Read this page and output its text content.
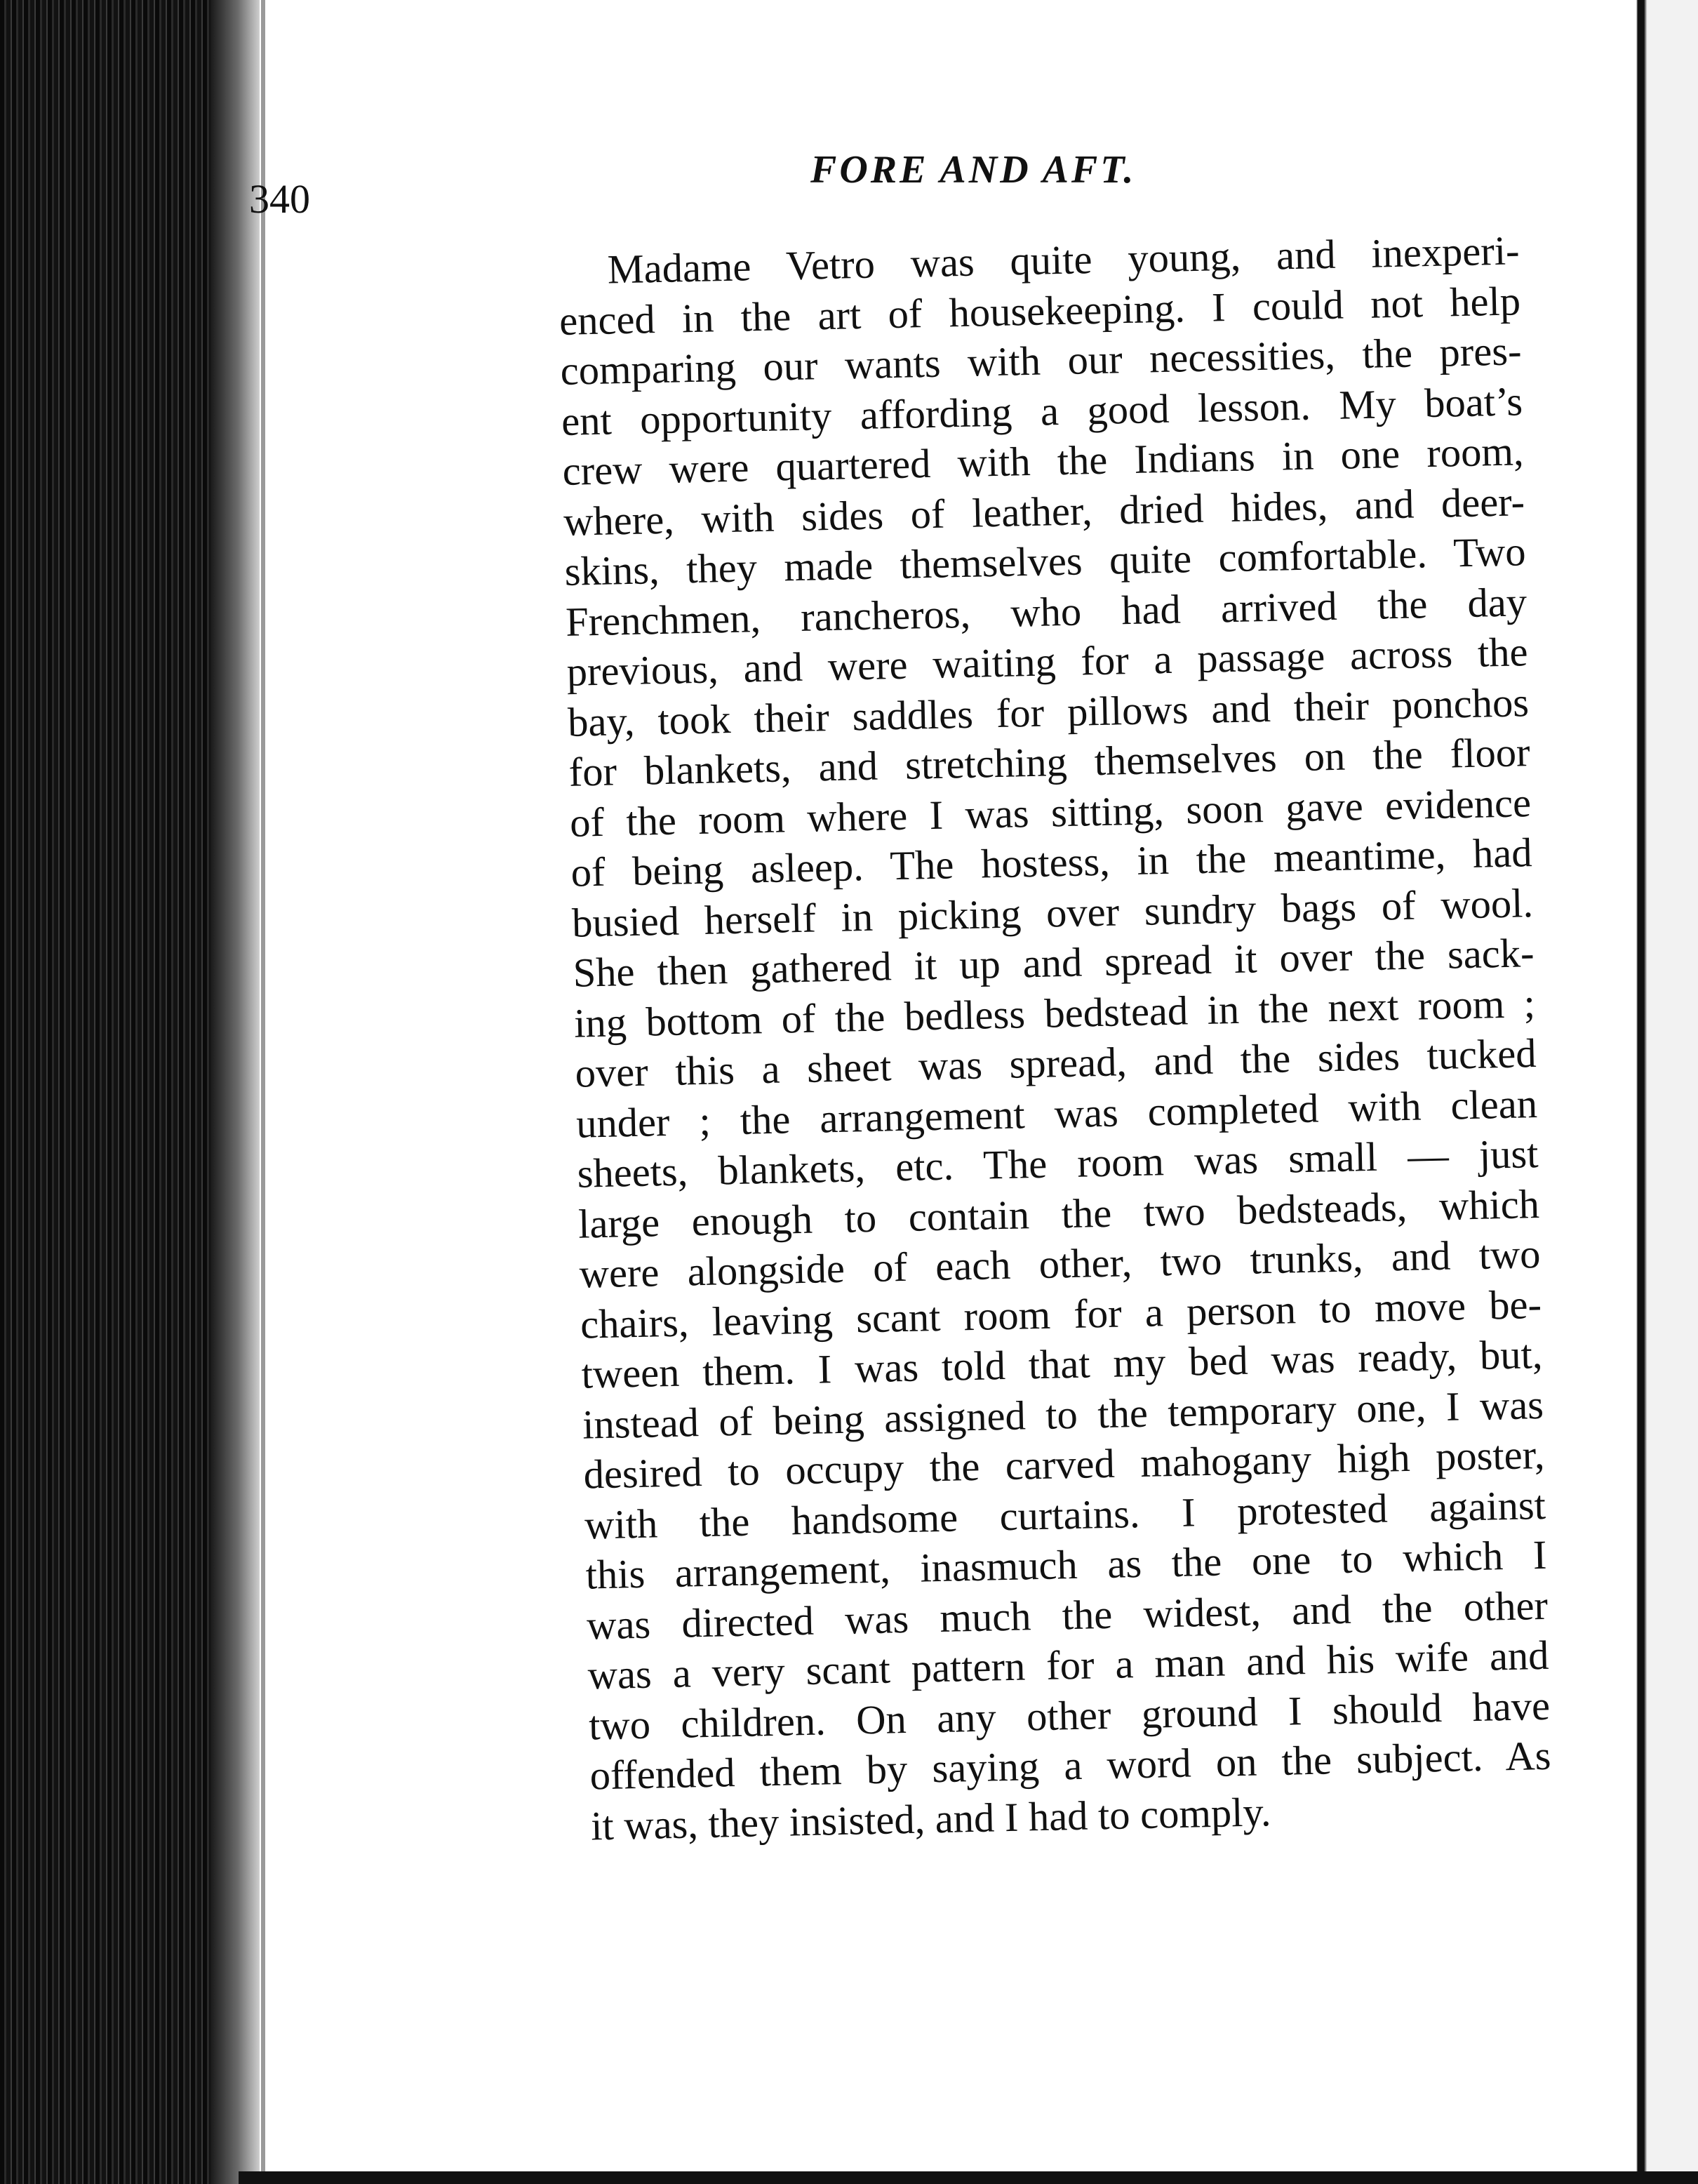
340
FORE AND AFT.
Madame Vetro was quite young, and inexperi-
enced in the art of housekeeping. I could not help
comparing our wants with our necessities, the pres-
ent opportunity affording a good lesson. My boat’s
crew were quartered with the Indians in one room,
where, with sides of leather, dried hides, and deer-
skins, they made themselves quite comfortable. Two
Frenchmen, rancheros, who had arrived the day
previous, and were waiting for a passage across the
bay, took their saddles for pillows and their ponchos
for blankets, and stretching themselves on the floor
of the room where I was sitting, soon gave evidence
of being asleep. The hostess, in the meantime, had
busied herself in picking over sundry bags of wool.
She then gathered it up and spread it over the sack-
ing bottom of the bedless bedstead in the next room ;
over this a sheet was spread, and the sides tucked
under ; the arrangement was completed with clean
sheets, blankets, etc. The room was small — just
large enough to contain the two bedsteads, which
were alongside of each other, two trunks, and two
chairs, leaving scant room for a person to move be-
tween them. I was told that my bed was ready, but,
instead of being assigned to the temporary one, I was
desired to occupy the carved mahogany high poster,
with the handsome curtains. I protested against
this arrangement, inasmuch as the one to which I
was directed was much the widest, and the other
was a very scant pattern for a man and his wife and
two children. On any other ground I should have
offended them by saying a word on the subject. As
it was, they insisted, and I had to comply.
